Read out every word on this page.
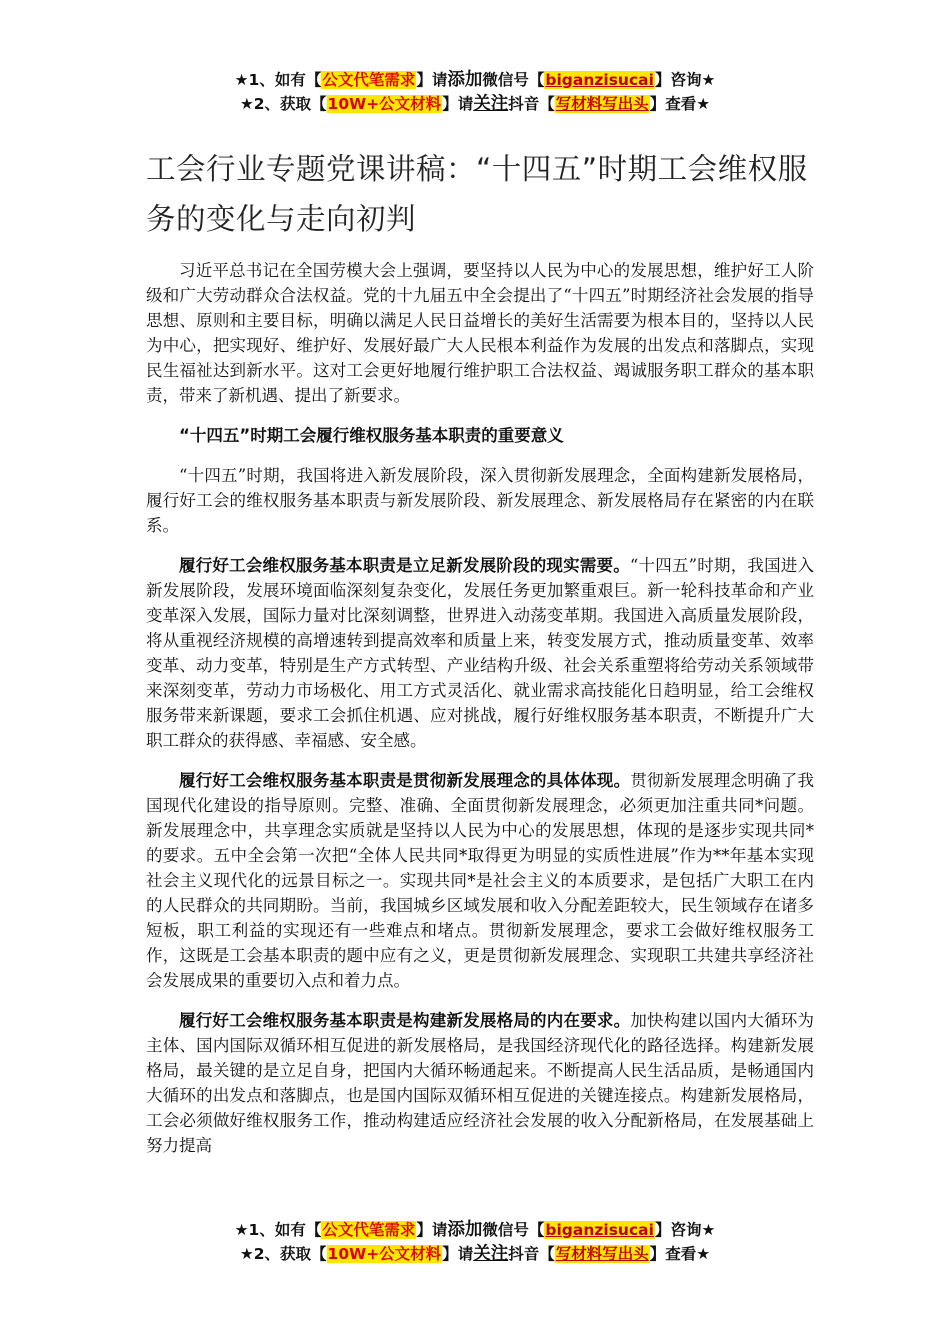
★1、如有【公文代笔需求】请添加微信号【biganzisucai】咨询★
★2、获取【10W+公文材料】请关注抖音【写材料写出头】查看★
工会行业专题党课讲稿：“十四五”时期工会维权服务的变化与走向初判

习近平总书记在全国劳模大会上强调，要坚持以人民为中心的发展思想，维护好工人阶级和广大劳动群众合法权益。党的十九届五中全会提出了“十四五”时期经济社会发展的指导思想、原则和主要目标，明确以满足人民日益增长的美好生活需要为根本目的，坚持以人民为中心，把实现好、维护好、发展好最广大人民根本利益作为发展的出发点和落脚点，实现民生福祉达到新水平。这对工会更好地履行维护职工合法权益、竭诚服务职工群众的基本职责，带来了新机遇、提出了新要求。

“十四五”时期工会履行维权服务基本职责的重要意义

“十四五”时期，我国将进入新发展阶段，深入贯彻新发展理念，全面构建新发展格局，履行好工会的维权服务基本职责与新发展阶段、新发展理念、新发展格局存在紧密的内在联系。

履行好工会维权服务基本职责是立足新发展阶段的现实需要。“十四五”时期，我国进入新发展阶段，发展环境面临深刻复杂变化，发展任务更加繁重艰巨。新一轮科技革命和产业变革深入发展，国际力量对比深刻调整，世界进入动荡变革期。我国进入高质量发展阶段，将从重视经济规模的高增速转到提高效率和质量上来，转变发展方式，推动质量变革、效率变革、动力变革，特别是生产方式转型、产业结构升级、社会关系重塑将给劳动关系领域带来深刻变革，劳动力市场极化、用工方式灵活化、就业需求高技能化日趋明显，给工会维权服务带来新课题，要求工会抓住机遇、应对挑战，履行好维权服务基本职责，不断提升广大职工群众的获得感、幸福感、安全感。

履行好工会维权服务基本职责是贯彻新发展理念的具体体现。贯彻新发展理念明确了我国现代化建设的指导原则。完整、准确、全面贯彻新发展理念，必须更加注重共同*问题。新发展理念中，共享理念实质就是坚持以人民为中心的发展思想，体现的是逐步实现共同*的要求。五中全会第一次把“全体人民共同*取得更为明显的实质性进展”作为**年基本实现社会主义现代化的远景目标之一。实现共同*是社会主义的本质要求，是包括广大职工在内的人民群众的共同期盼。当前，我国城乡区域发展和收入分配差距较大，民生领域存在诸多短板，职工利益的实现还有一些难点和堵点。贯彻新发展理念，要求工会做好维权服务工作，这既是工会基本职责的题中应有之义，更是贯彻新发展理念、实现职工共建共享经济社会发展成果的重要切入点和着力点。

履行好工会维权服务基本职责是构建新发展格局的内在要求。加快构建以国内大循环为主体、国内国际双循环相互促进的新发展格局，是我国经济现代化的路径选择。构建新发展格局，最关键的是立足自身，把国内大循环畅通起来。不断提高人民生活品质，是畅通国内大循环的出发点和落脚点，也是国内国际双循环相互促进的关键连接点。构建新发展格局，工会必须做好维权服务工作，推动构建适应经济社会发展的收入分配新格局，在发展基础上努力提高

★1、如有【公文代笔需求】请添加微信号【biganzisucai】咨询★
★2、获取【10W+公文材料】请关注抖音【写材料写出头】查看★
